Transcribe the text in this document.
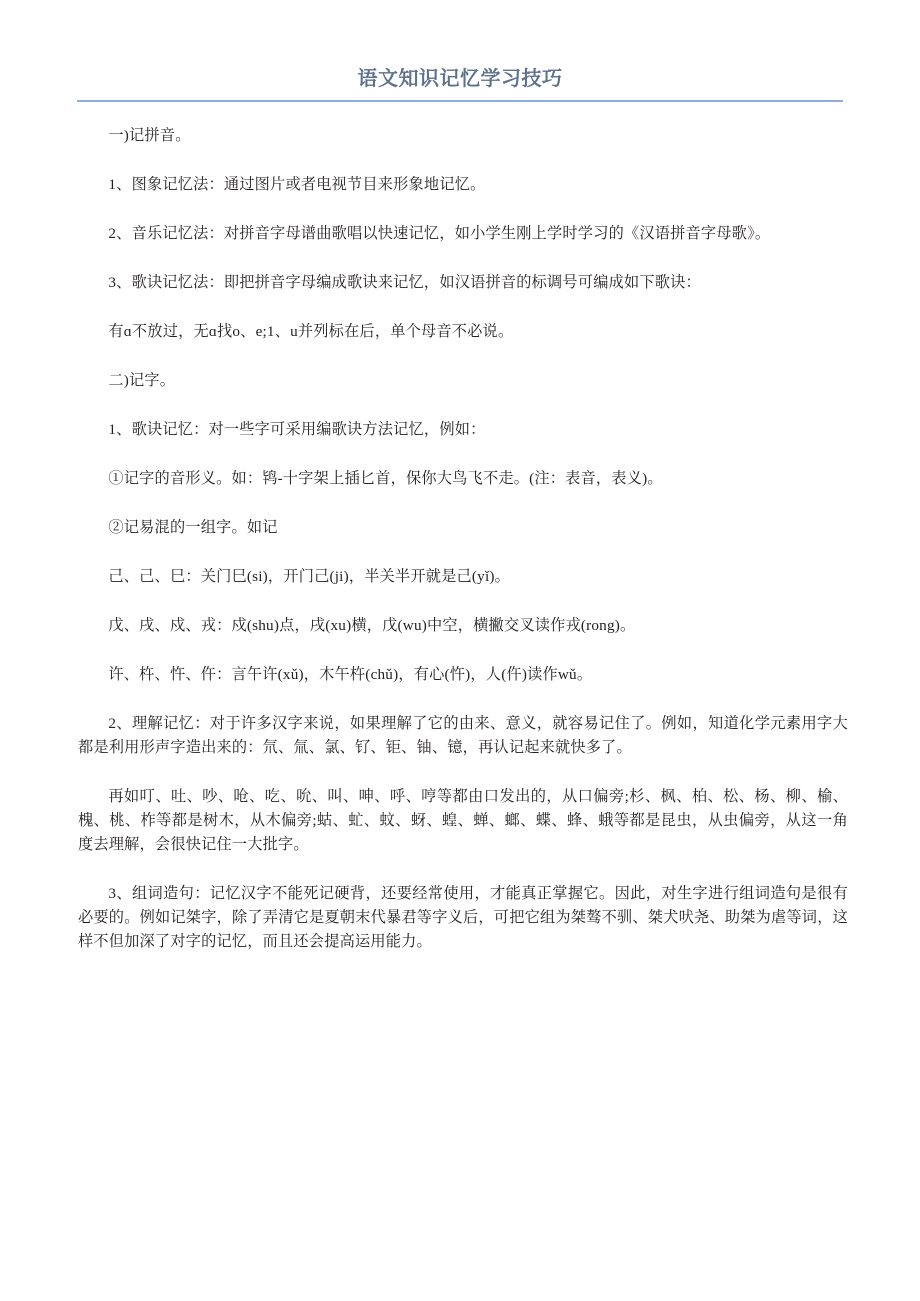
语文知识记忆学习技巧

一)记拼音。

1、图象记忆法：通过图片或者电视节目来形象地记忆。

2、音乐记忆法：对拼音字母谱曲歌唱以快速记忆，如小学生刚上学时学习的《汉语拼音字母歌》。

3、歌诀记忆法：即把拼音字母编成歌诀来记忆，如汉语拼音的标调号可编成如下歌诀：

有ɑ不放过，无ɑ找o、e;1、u并列标在后，单个母音不必说。

二)记字。

1、歌诀记忆：对一些字可采用编歌诀方法记忆，例如：

①记字的音形义。如：鸨-十字架上插匕首，保你大鸟飞不走。(注：表音，表义)。

②记易混的一组字。如记

己、己、巳：关门巳(si)，开门己(ji)，半关半开就是己(yǐ)。

戊、戌、戍、戎：戍(shu)点，戌(xu)横，戊(wu)中空，横撇交叉读作戎(rong)。

许、杵、忤、仵：言午许(xǔ)，木午杵(chǔ)，有心(忤)，人(仵)读作wǔ。

2、理解记忆：对于许多汉字来说，如果理解了它的由来、意义，就容易记住了。例如，知道化学元素用字大都是利用形声字造出来的：氘、氚、氯、钌、钜、铀、镱，再认记起来就快多了。

再如叮、吐、吵、呛、吃、吮、叫、呻、呼、哼等都由口发出的，从口偏旁;杉、枫、柏、松、杨、柳、榆、槐、桃、柞等都是树木，从木偏旁;蛄、虻、蚊、蚜、蝗、蝉、螂、蝶、蜂、蛾等都是昆虫，从虫偏旁，从这一角度去理解，会很快记住一大批字。

3、组词造句：记忆汉字不能死记硬背，还要经常使用，才能真正掌握它。因此，对生字进行组词造句是很有必要的。例如记桀字，除了弄清它是夏朝末代暴君等字义后，可把它组为桀骜不驯、桀犬吠尧、助桀为虐等词，这样不但加深了对字的记忆，而且还会提高运用能力。
